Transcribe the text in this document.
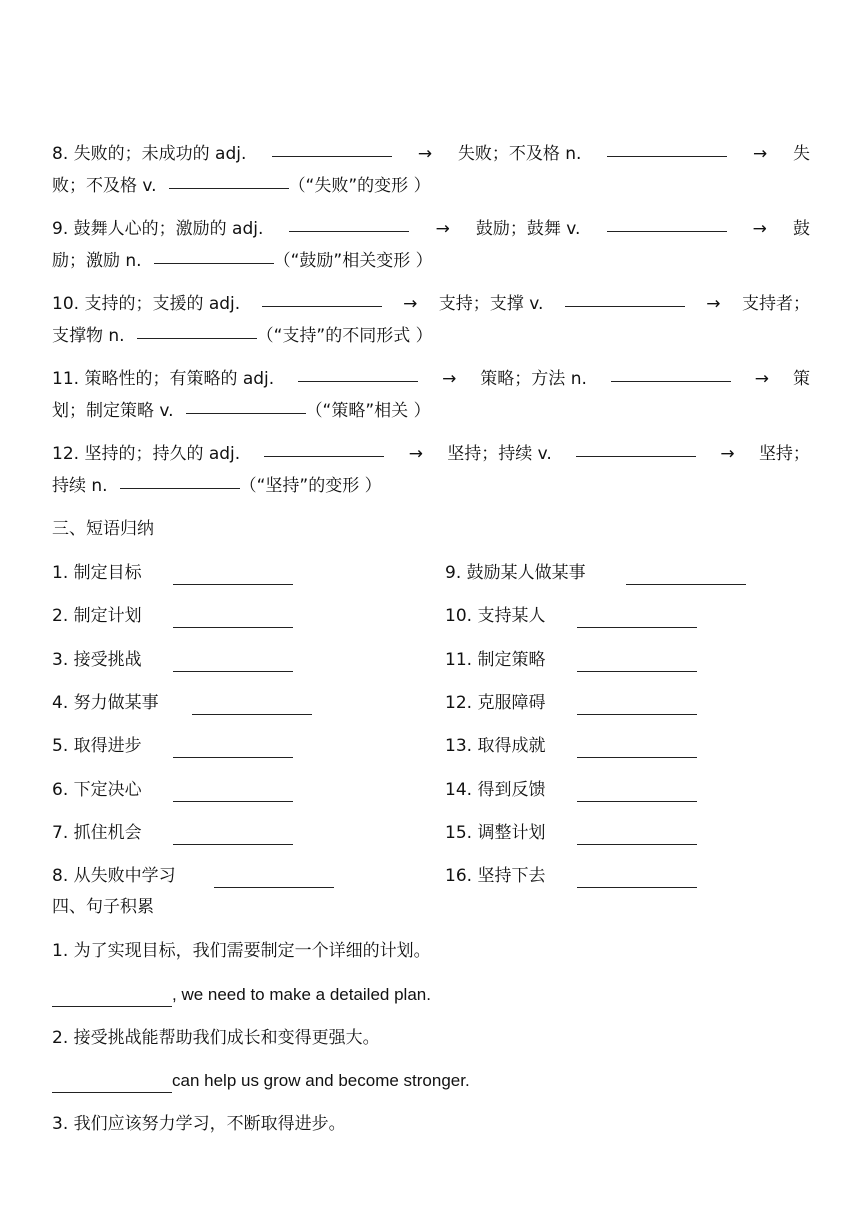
8. 失败的；未成功的 adj.	→ 失败；不及格 n.	→ 失
败；不及格 v.	（“失败”的变形 ）
9. 鼓舞人心的；激励的 adj.	→ 鼓励；鼓舞 v.	→ 鼓
励；激励 n.	（“鼓励”相关变形 ）
10. 支持的；支援的 adj.	→ 支持；支撑 v.	→ 支持者；
支撑物 n.	（“支持”的不同形式 ）
11. 策略性的；有策略的 adj.	→ 策略；方法 n.	→ 策
划；制定策略 v.	（“策略”相关 ）
12. 坚持的；持久的 adj.	→ 坚持；持续 v.	→ 坚持；
持续 n.	（“坚持”的变形 ）
三、短语归纳
1. 制定目标
2. 制定计划
3. 接受挑战
4. 努力做某事
5. 取得进步
6. 下定决心
7. 抓住机会
8. 从失败中学习
9. 鼓励某人做某事
10. 支持某人
11. 制定策略
12. 克服障碍
13. 取得成就
14. 得到反馈
15. 调整计划
16. 坚持下去
四、句子积累
1. 为了实现目标，我们需要制定一个详细的计划。
, we need to make a detailed plan.
2. 接受挑战能帮助我们成长和变得更强大。
can help us grow and become stronger.
3. 我们应该努力学习，不断取得进步。
